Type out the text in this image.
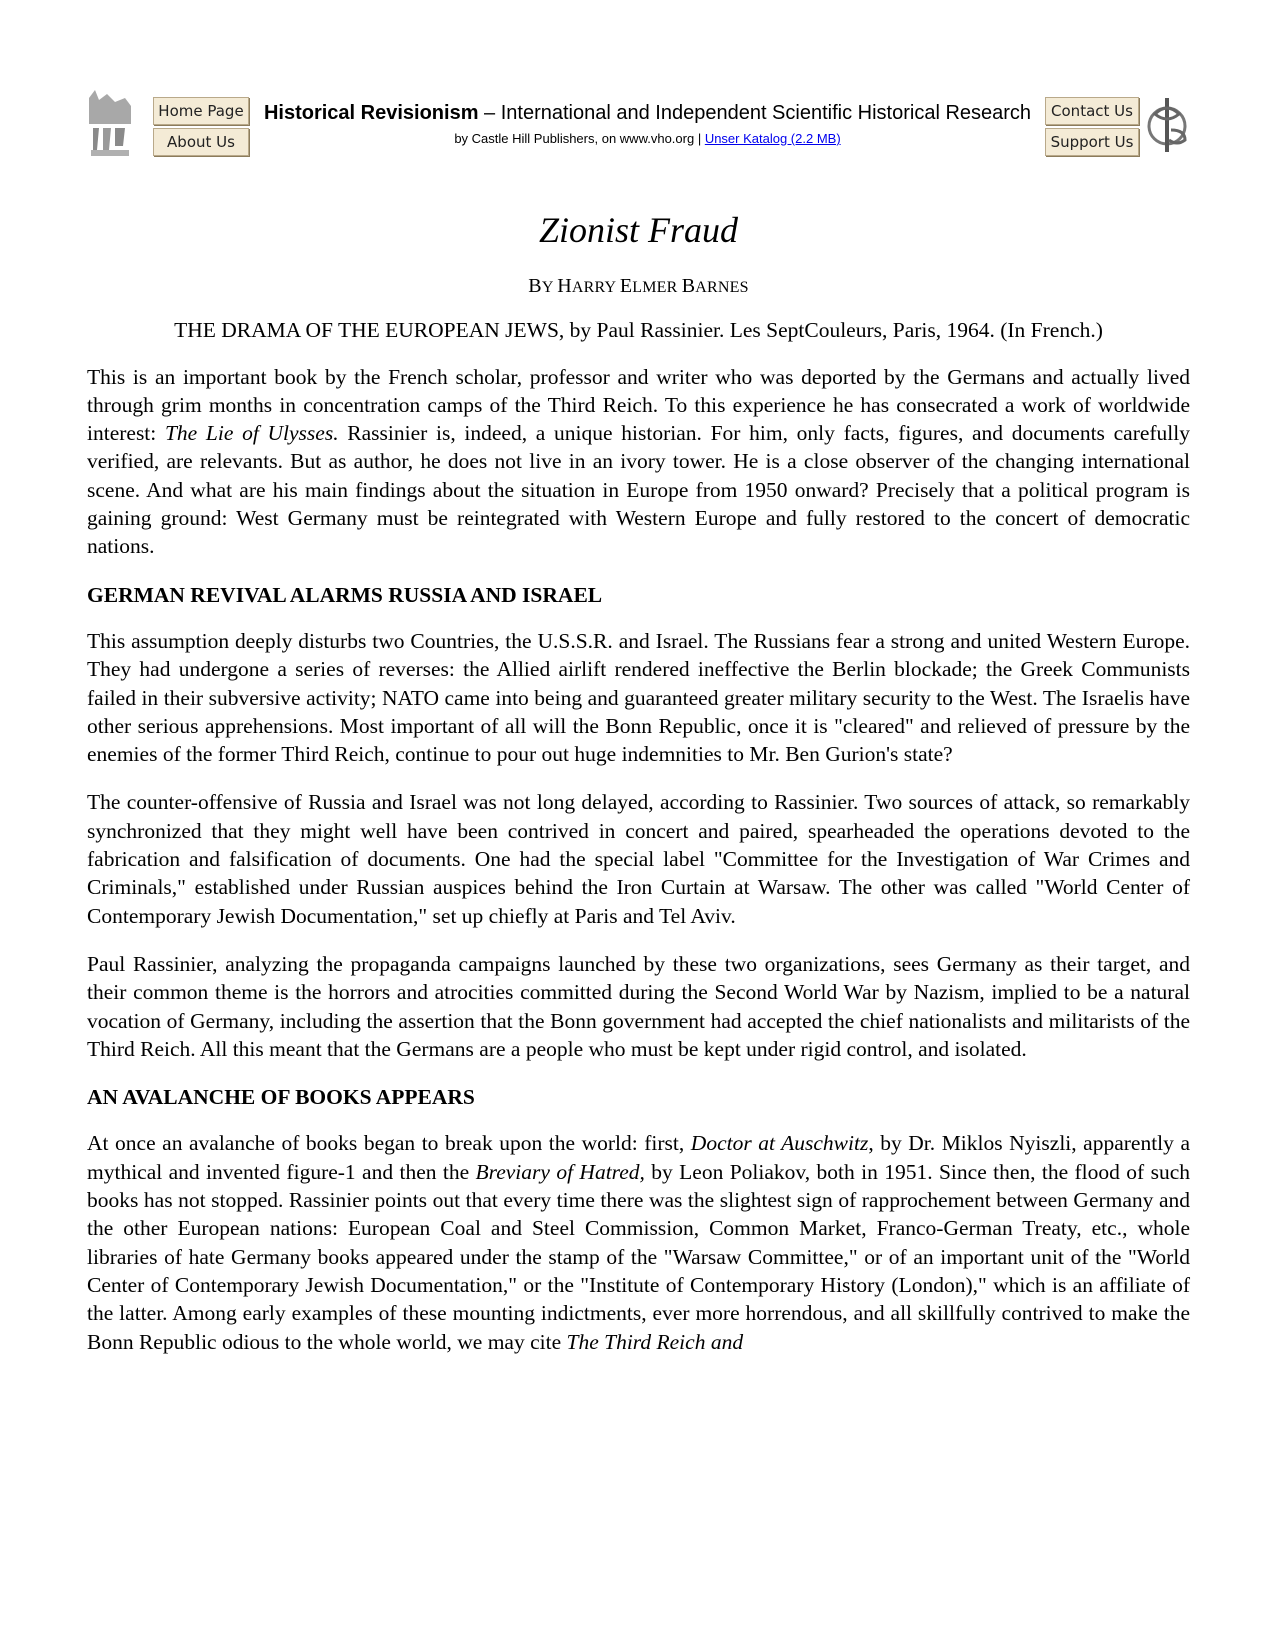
Home Page
About Us
Historical Revisionism – International and Independent Scientific Historical Research
by Castle Hill Publishers, on www.vho.org | Unser Katalog (2.2 MB)
Contact Us
Support Us
Zionist Fraud
BY HARRY ELMER BARNES
THE DRAMA OF THE EUROPEAN JEWS, by Paul Rassinier. Les SeptCouleurs, Paris, 1964. (In French.)

This is an important book by the French scholar, professor and writer who was deported by the Germans and actually lived through grim months in concentration camps of the Third Reich. To this experience he has consecrated a work of worldwide interest: The Lie of Ulysses. Rassinier is, indeed, a unique historian. For him, only facts, figures, and documents carefully verified, are relevants. But as author, he does not live in an ivory tower. He is a close observer of the changing international scene. And what are his main findings about the situation in Europe from 1950 onward? Precisely that a political program is gaining ground: West Germany must be reintegrated with Western Europe and fully restored to the concert of democratic nations.

GERMAN REVIVAL ALARMS RUSSIA AND ISRAEL

This assumption deeply disturbs two Countries, the U.S.S.R. and Israel. The Russians fear a strong and united Western Europe. They had undergone a series of reverses: the Allied airlift rendered ineffective the Berlin blockade; the Greek Communists failed in their subversive activity; NATO came into being and guaranteed greater military security to the West. The Israelis have other serious apprehensions. Most important of all will the Bonn Republic, once it is "cleared" and relieved of pressure by the enemies of the former Third Reich, continue to pour out huge indemnities to Mr. Ben Gurion's state?

The counter-offensive of Russia and Israel was not long delayed, according to Rassinier. Two sources of attack, so remarkably synchronized that they might well have been contrived in concert and paired, spearheaded the operations devoted to the fabrication and falsification of documents. One had the special label "Committee for the Investigation of War Crimes and Criminals," established under Russian auspices behind the Iron Curtain at Warsaw. The other was called "World Center of Contemporary Jewish Documentation," set up chiefly at Paris and Tel Aviv.

Paul Rassinier, analyzing the propaganda campaigns launched by these two organizations, sees Germany as their target, and their common theme is the horrors and atrocities committed during the Second World War by Nazism, implied to be a natural vocation of Germany, including the assertion that the Bonn government had accepted the chief nationalists and militarists of the Third Reich. All this meant that the Germans are a people who must be kept under rigid control, and isolated.

AN AVALANCHE OF BOOKS APPEARS

At once an avalanche of books began to break upon the world: first, Doctor at Auschwitz, by Dr. Miklos Nyiszli, apparently a mythical and invented figure-1 and then the Breviary of Hatred, by Leon Poliakov, both in 1951. Since then, the flood of such books has not stopped. Rassinier points out that every time there was the slightest sign of rapprochement between Germany and the other European nations: European Coal and Steel Commission, Common Market, Franco-German Treaty, etc., whole libraries of hate Germany books appeared under the stamp of the "Warsaw Committee," or of an important unit of the "World Center of Contemporary Jewish Documentation," or the "Institute of Contemporary History (London)," which is an affiliate of the latter. Among early examples of these mounting indictments, ever more horrendous, and all skillfully contrived to make the Bonn Republic odious to the whole world, we may cite The Third Reich and
